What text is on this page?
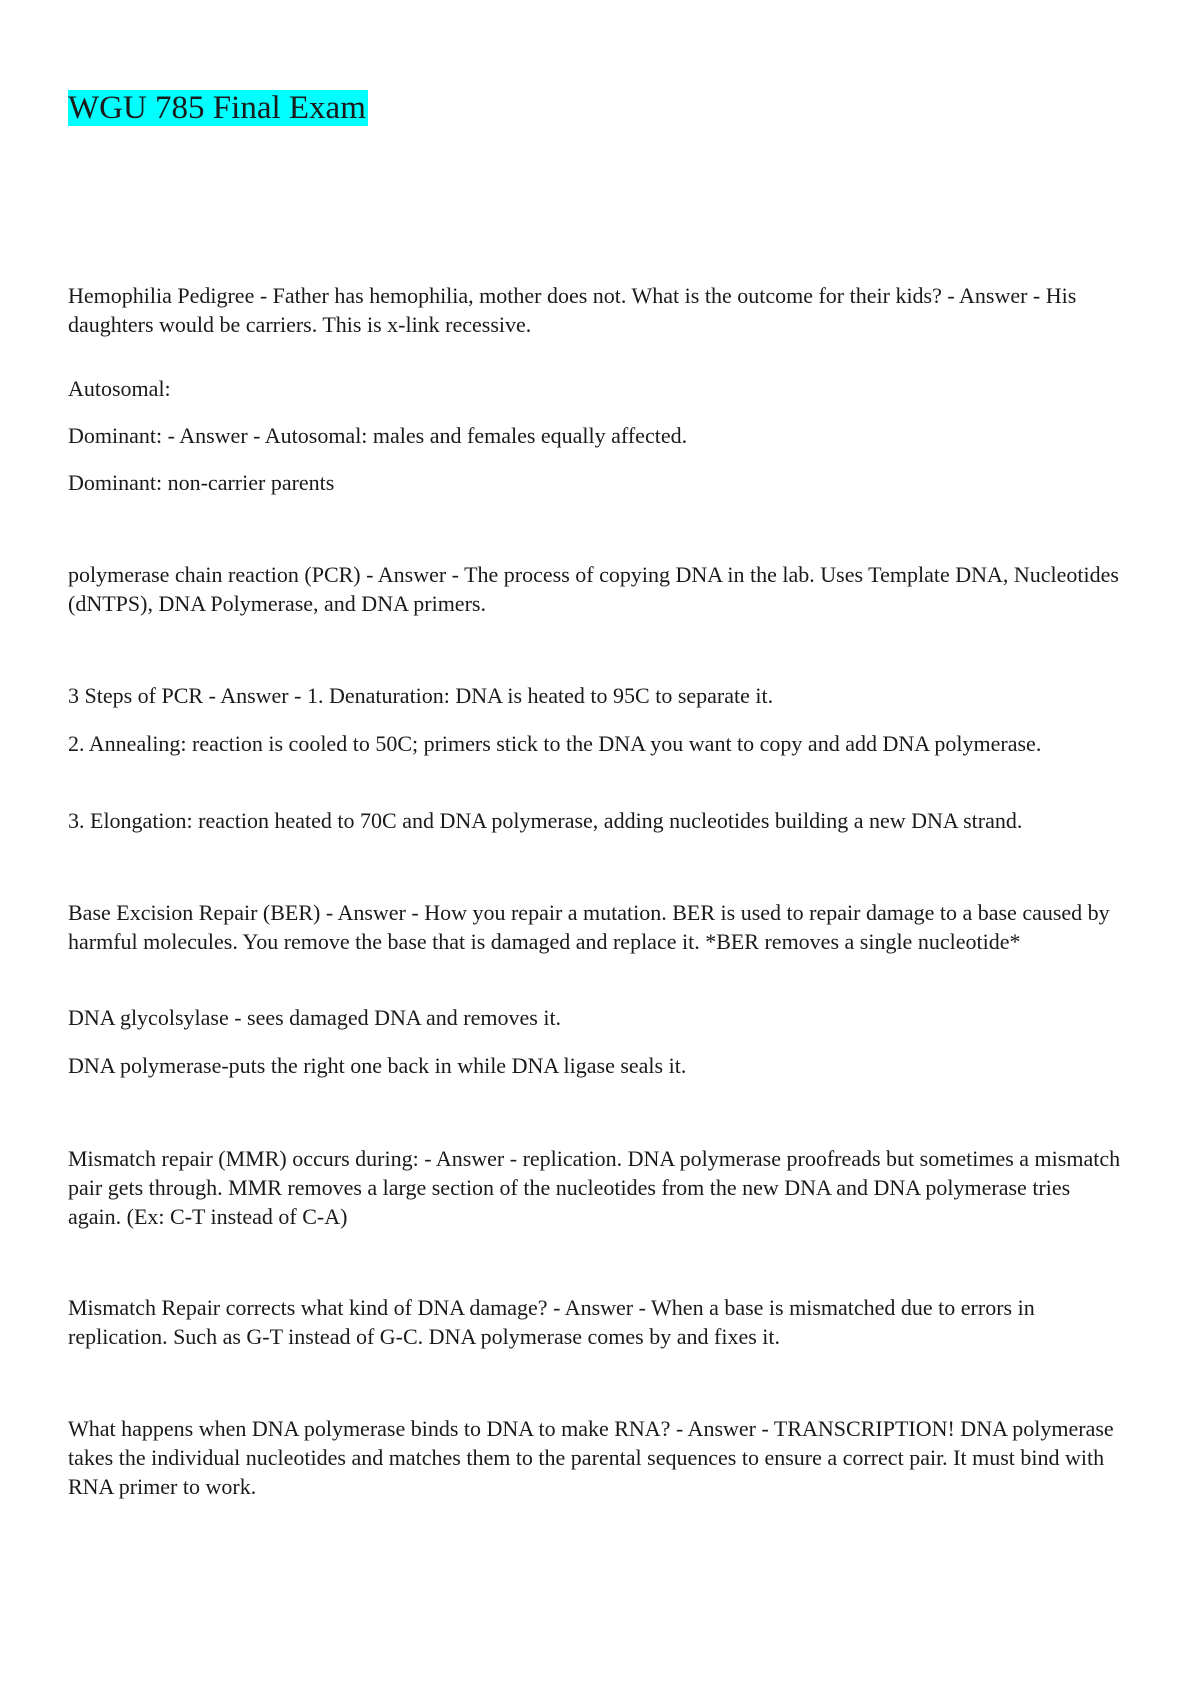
WGU 785 Final Exam

Hemophilia Pedigree - Father has hemophilia, mother does not. What is the outcome for their kids? - Answer - His daughters would be carriers. This is x-link recessive.

Autosomal:

Dominant: - Answer - Autosomal: males and females equally affected.

Dominant: non-carrier parents

polymerase chain reaction (PCR) - Answer - The process of copying DNA in the lab. Uses Template DNA, Nucleotides (dNTPS), DNA Polymerase, and DNA primers.

3 Steps of PCR - Answer - 1. Denaturation: DNA is heated to 95C to separate it.

2. Annealing: reaction is cooled to 50C; primers stick to the DNA you want to copy and add DNA polymerase.

3. Elongation: reaction heated to 70C and DNA polymerase, adding nucleotides building a new DNA strand.

Base Excision Repair (BER) - Answer - How you repair a mutation. BER is used to repair damage to a base caused by harmful molecules. You remove the base that is damaged and replace it. *BER removes a single nucleotide*

DNA glycolsylase - sees damaged DNA and removes it.

DNA polymerase-puts the right one back in while DNA ligase seals it.

Mismatch repair (MMR) occurs during: - Answer - replication. DNA polymerase proofreads but sometimes a mismatch pair gets through. MMR removes a large section of the nucleotides from the new DNA and DNA polymerase tries again. (Ex: C-T instead of C-A)

Mismatch Repair corrects what kind of DNA damage? - Answer - When a base is mismatched due to errors in replication. Such as G-T instead of G-C. DNA polymerase comes by and fixes it.

What happens when DNA polymerase binds to DNA to make RNA? - Answer - TRANSCRIPTION! DNA polymerase takes the individual nucleotides and matches them to the parental sequences to ensure a correct pair. It must bind with RNA primer to work.
